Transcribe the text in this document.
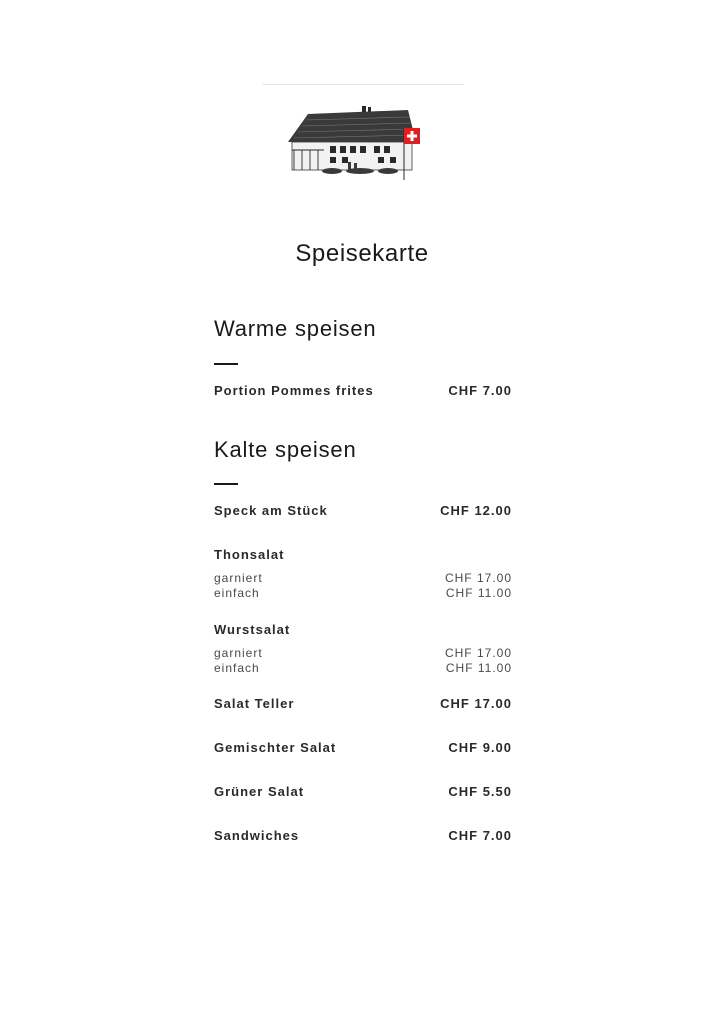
Speisekarte
Warme speisen
Portion Pommes frites	CHF 7.00
Kalte speisen
Speck am Stück	CHF 12.00
Thonsalat
garniert	CHF 17.00
einfach	CHF 11.00
Wurstsalat
garniert	CHF 17.00
einfach	CHF 11.00
Salat Teller	CHF 17.00
Gemischter Salat	CHF 9.00
Grüner Salat	CHF 5.50
Sandwiches	CHF 7.00
